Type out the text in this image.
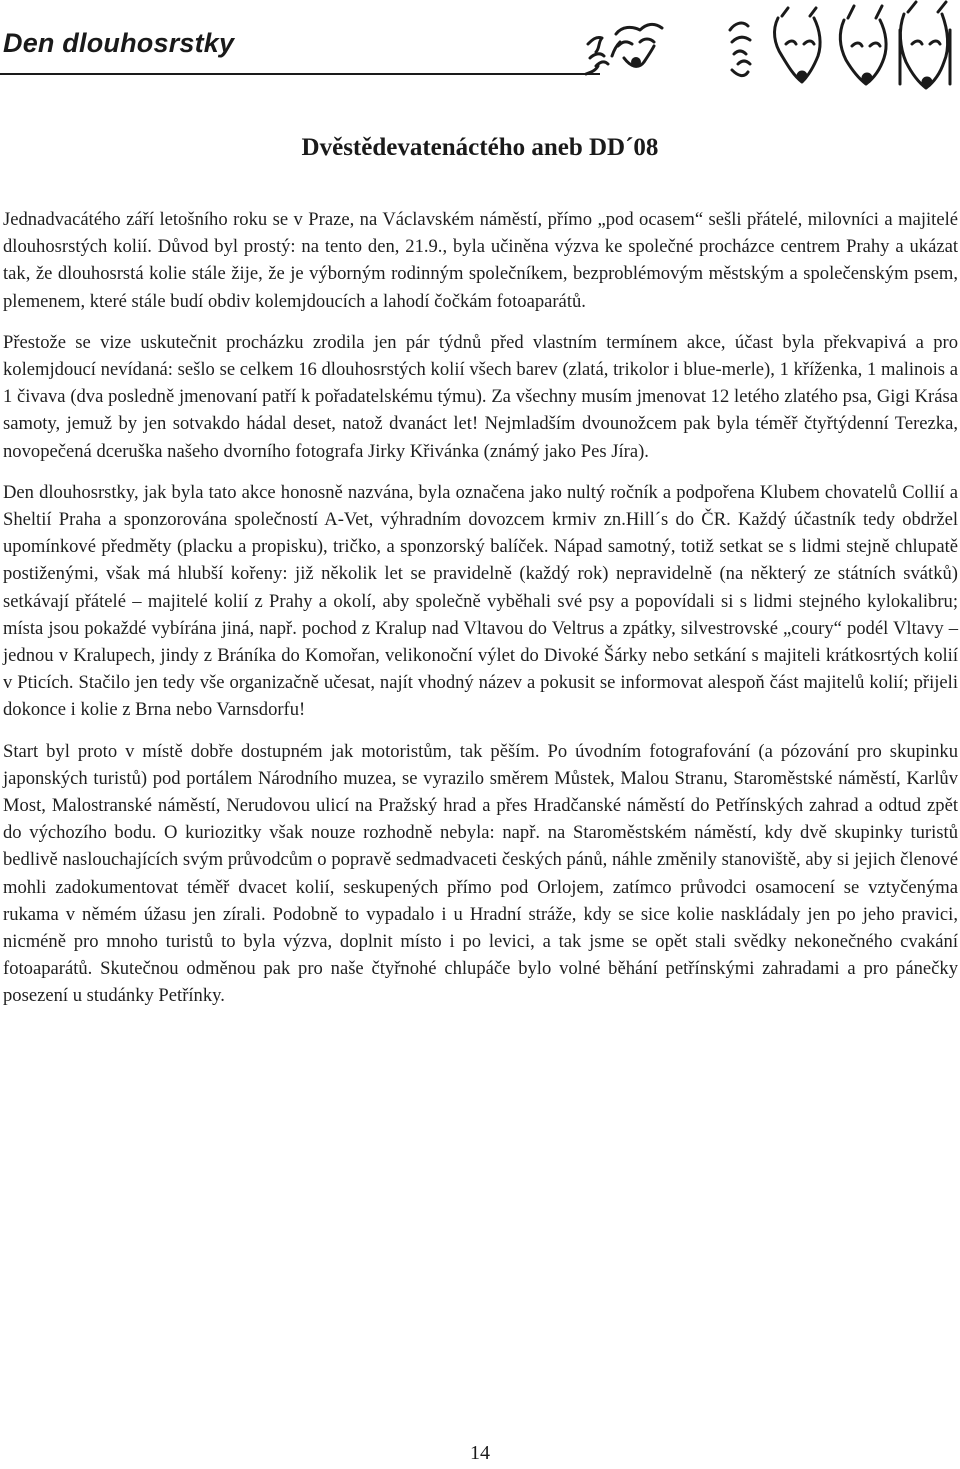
Den dlouhosrstky
Dvěstědevatenáctého aneb DD´08

Jednadvacátého září letošního roku se v Praze, na Václavském náměstí, přímo „pod ocasem“ sešli přátelé, milovníci a majitelé dlouhosrstých kolií. Důvod byl prostý: na tento den, 21.9., byla učiněna výzva ke společné procházce centrem Prahy a ukázat tak, že dlouhosrstá kolie stále žije, že je výborným rodinným společníkem, bezproblémovým městským a společenským psem, plemenem, které stále budí obdiv kolemjdoucích a lahodí čočkám fotoaparátů.

Přestože se vize uskutečnit procházku zrodila jen pár týdnů před vlastním termínem akce, účast byla překvapivá a pro kolemjdoucí nevídaná: sešlo se celkem 16 dlouhosrstých kolií všech barev (zlatá, trikolor i blue-merle), 1 kříženka, 1 malinois a 1 čivava (dva posledně jmenovaní patří k pořadatelskému týmu). Za všechny musím jmenovat 12 letého zlatého psa, Gigi Krása samoty, jemuž by jen sotvakdo hádal deset, natož dvanáct let! Nejmladším dvounožcem pak byla téměř čtyřtýdenní Terezka, novopečená dceruška našeho dvorního fotografa Jirky Křivánka (známý jako Pes Jíra).

Den dlouhosrstky, jak byla tato akce honosně nazvána, byla označena jako nultý ročník a podpořena Klubem chovatelů Collií a Sheltií Praha a sponzorována společností A-Vet, výhradním dovozcem krmiv zn.Hill´s do ČR. Každý účastník tedy obdržel upomínkové předměty (placku a propisku), tričko, a sponzorský balíček. Nápad samotný, totiž setkat se s lidmi stejně chlupatě postiženými, však má hlubší kořeny: již několik let se pravidelně (každý rok) nepravidelně (na některý ze státních svátků) setkávají přátelé – majitelé kolií z Prahy a okolí, aby společně vyběhali své psy a popovídali si s lidmi stejného kylokalibru; místa jsou pokaždé vybírána jiná, např. pochod z Kralup nad Vltavou do Veltrus a zpátky, silvestrovské „coury“ podél Vltavy – jednou v Kralupech, jindy z Bráníka do Komořan, velikonoční výlet do Divoké Šárky nebo setkání s majiteli krátkosrtých kolií v Pticích. Stačilo jen tedy vše organizačně učesat, najít vhodný název a pokusit se informovat alespoň část majitelů kolií; přijeli dokonce i kolie z Brna nebo Varnsdorfu!

Start byl proto v místě dobře dostupném jak motoristům, tak pěším. Po úvodním fotografování (a pózování pro skupinku japonských turistů) pod portálem Národního muzea, se vyrazilo směrem Můstek, Malou Stranu, Staroměstské náměstí, Karlův Most, Malostranské náměstí, Nerudovou ulicí na Pražský hrad a přes Hradčanské náměstí do Petřínských zahrad a odtud zpět do výchozího bodu. O kuriozitky však nouze rozhodně nebyla: např. na Staroměstském náměstí, kdy dvě skupinky turistů bedlivě naslouchajících svým průvodcům o popravě sedmadvaceti českých pánů, náhle změnily stanoviště, aby si jejich členové mohli zadokumentovat téměř dvacet kolií, seskupených přímo pod Orlojem, zatímco průvodci osamocení se vztyčenýma rukama v němém úžasu jen zírali. Podobně to vypadalo i u Hradní stráže, kdy se sice kolie naskládaly jen po jeho pravici, nicméně pro mnoho turistů to byla výzva, doplnit místo i po levici, a tak jsme se opět stali svědky nekonečného cvakání fotoaparátů. Skutečnou odměnou pak pro naše čtyřnohé chlupáče bylo volné běhání petřínskými zahradami a pro pánečky posezení u studánky Petřínky.

14
